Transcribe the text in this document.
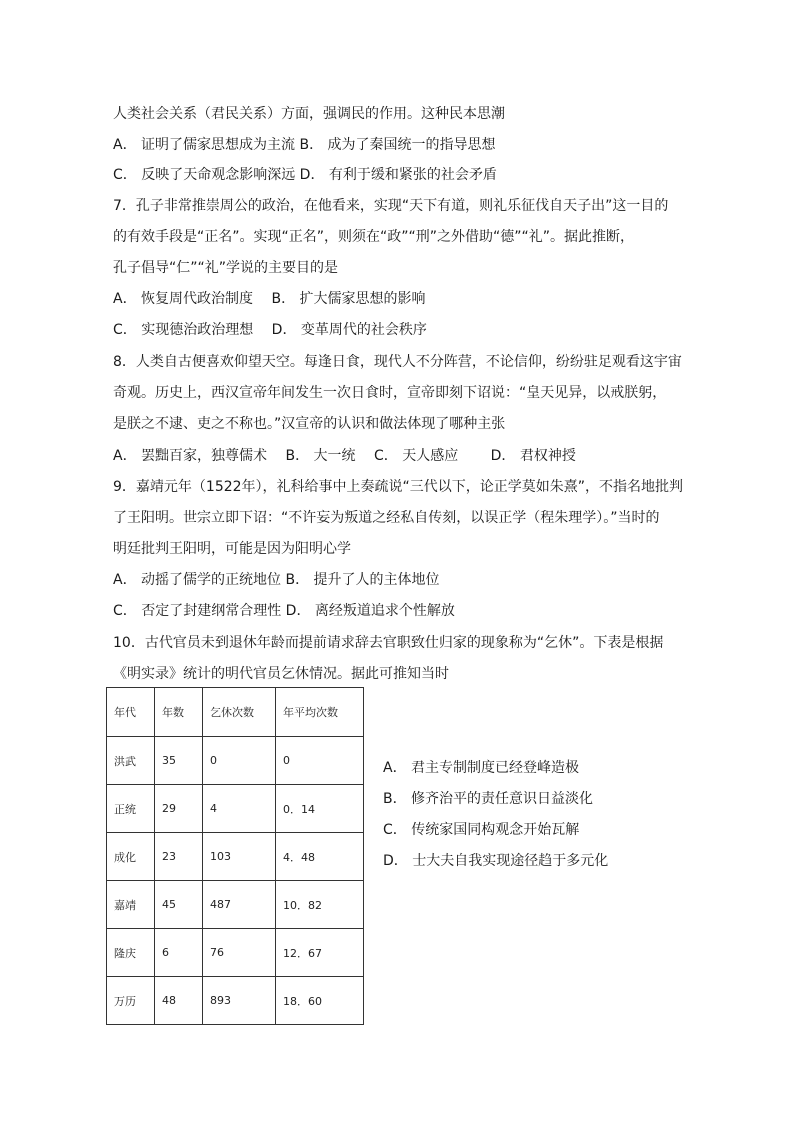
人类社会关系（君民关系）方面，强调民的作用。这种民本思潮
A． 证明了儒家思想成为主流 B． 成为了秦国统一的指导思想
C． 反映了天命观念影响深远 D． 有利于缓和紧张的社会矛盾
7．孔子非常推崇周公的政治，在他看来，实现“天下有道，则礼乐征伐自天子出”这一目的
的有效手段是“正名”。实现“正名”，则须在“政”“刑”之外借助“德”“礼”。据此推断，
孔子倡导“仁”“礼”学说的主要目的是
A． 恢复周代政治制度　 B． 扩大儒家思想的影响
C． 实现德治政治理想　 D． 变革周代的社会秩序
8．人类自古便喜欢仰望天空。每逢日食，现代人不分阵营，不论信仰，纷纷驻足观看这宇宙
奇观。历史上，西汉宣帝年间发生一次日食时，宣帝即刻下诏说：“皇天见异，以戒朕躬，
是朕之不逮、吏之不称也。”汉宣帝的认识和做法体现了哪种主张
A． 罢黜百家，独尊儒术　 B． 大一统　 C． 天人感应　　 D． 君权神授
9．嘉靖元年（1522年），礼科给事中上奏疏说“三代以下，论正学莫如朱熹”，不指名地批判
了王阳明。世宗立即下诏：“不许妄为叛道之经私自传刻，以误正学（程朱理学）。”当时的
明廷批判王阳明，可能是因为阳明心学
A． 动摇了儒学的正统地位 B． 提升了人的主体地位
C． 否定了封建纲常合理性 D． 离经叛道追求个性解放
10．古代官员未到退休年龄而提前请求辞去官职致仕归家的现象称为“乞休”。下表是根据
《明实录》统计的明代官员乞休情况。据此可推知当时
年代	年数	乞休次数	年平均次数
洪武	35	0	0
正统	29	4	0．14
成化	23	103	4．48
嘉靖	45	487	10．82
隆庆	6	76	12．67
万历	48	893	18．60
A． 君主专制制度已经登峰造极
B． 修齐治平的责任意识日益淡化
C． 传统家国同构观念开始瓦解
D． 士大夫自我实现途径趋于多元化
